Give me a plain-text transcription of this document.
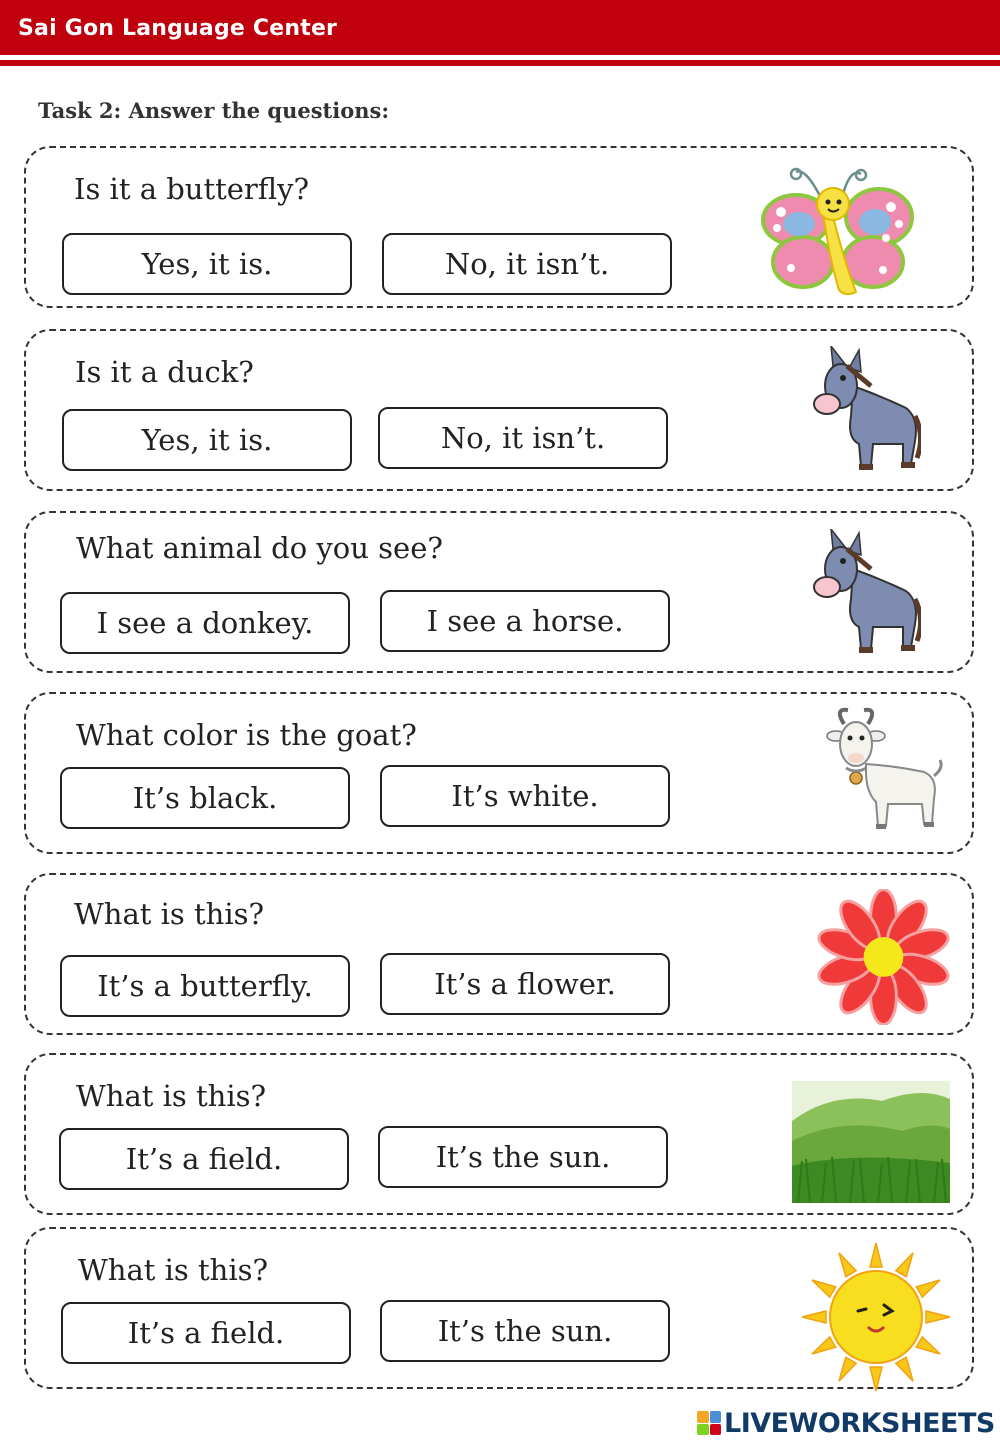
Sai Gon Language Center
Task 2: Answer the questions:
Is it a butterfly?
Yes, it is.	No, it isn’t.
Is it a duck?
Yes, it is.	No, it isn’t.
What animal do you see?
I see a donkey.	I see a horse.
What color is the goat?
It’s black.	It’s white.
What is this?
It’s a butterfly.	It’s a flower.
What is this?
It’s a field.	It’s the sun.
What is this?
It’s a field.	It’s the sun.
LIVEWORKSHEETS
